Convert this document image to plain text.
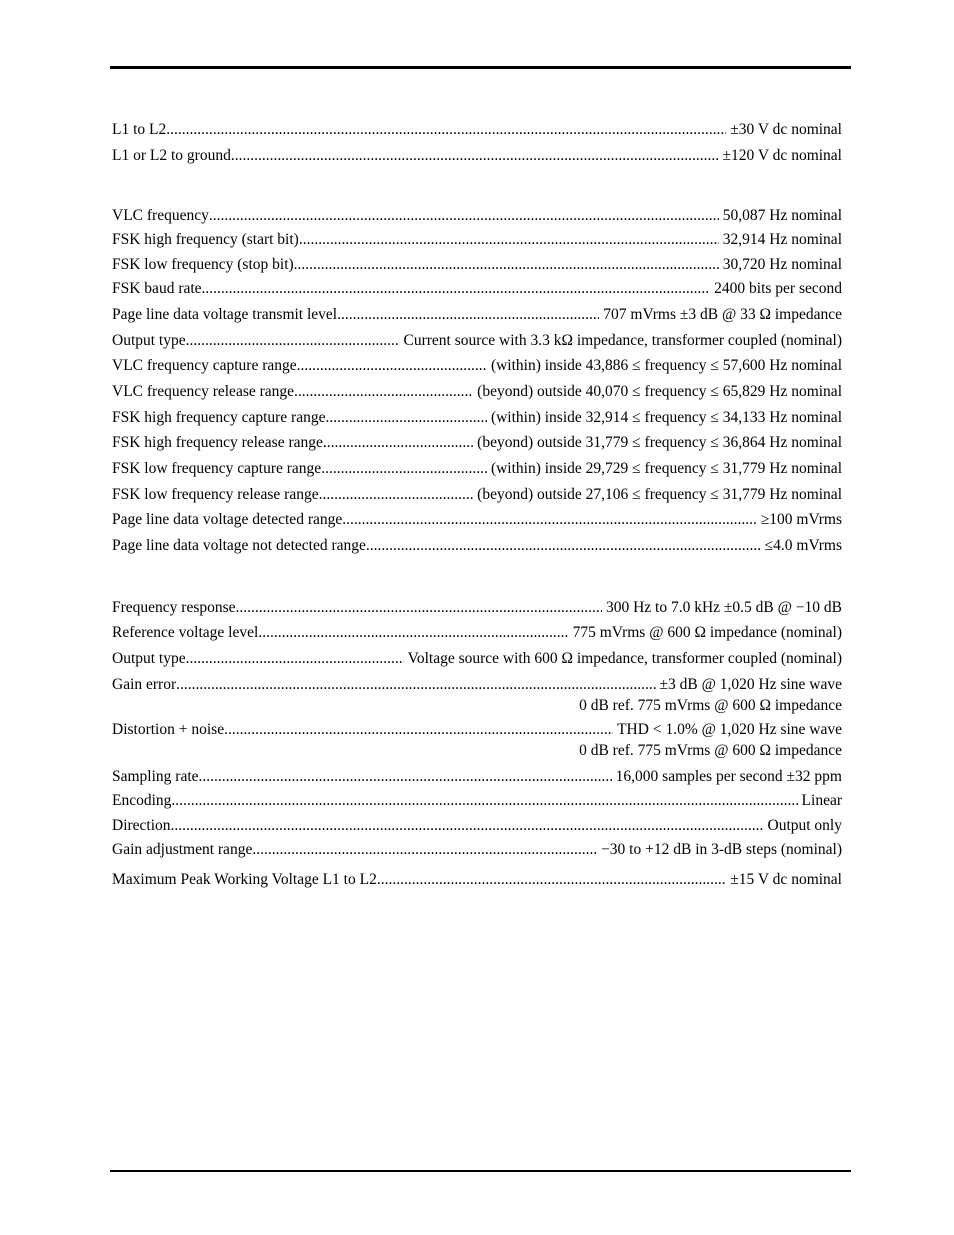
L1 to L2 .....	±30 V dc nominal
L1 or L2 to ground .....	±120 V dc nominal
VLC frequency .....	50,087 Hz nominal
FSK high frequency (start bit) .....	32,914 Hz nominal
FSK low frequency (stop bit) .....	30,720 Hz nominal
FSK baud rate .....	2400 bits per second
Page line data voltage transmit level .....	707 mVrms ±3 dB @ 33 Ω impedance
Output type .....	Current source with 3.3 kΩ impedance, transformer coupled (nominal)
VLC frequency capture range .....	(within) inside 43,886 ≤ frequency ≤ 57,600 Hz nominal
VLC frequency release range .....	(beyond) outside 40,070 ≤ frequency ≤ 65,829 Hz nominal
FSK high frequency capture range .....	(within) inside 32,914 ≤ frequency ≤ 34,133 Hz nominal
FSK high frequency release range .....	(beyond) outside 31,779 ≤ frequency ≤ 36,864 Hz nominal
FSK low frequency capture range .....	(within) inside 29,729 ≤ frequency ≤ 31,779 Hz nominal
FSK low frequency release range .....	(beyond) outside 27,106 ≤ frequency ≤ 31,779 Hz nominal
Page line data voltage detected range .....	≥100 mVrms
Page line data voltage not detected range .....	≤4.0 mVrms
Frequency response .....	300 Hz to 7.0 kHz ±0.5 dB @ −10 dB
Reference voltage level .....	775 mVrms @ 600 Ω impedance (nominal)
Output type .....	Voltage source with 600 Ω impedance, transformer coupled (nominal)
Gain error .....	±3 dB @ 1,020 Hz sine wave
0 dB ref. 775 mVrms @ 600 Ω impedance
Distortion + noise .....	THD < 1.0% @ 1,020 Hz sine wave
0 dB ref. 775 mVrms @ 600 Ω impedance
Sampling rate .....	16,000 samples per second ±32 ppm
Encoding .....	Linear
Direction .....	Output only
Gain adjustment range .....	−30 to +12 dB in 3-dB steps (nominal)
Maximum Peak Working Voltage L1 to L2 .....	±15 V dc nominal
